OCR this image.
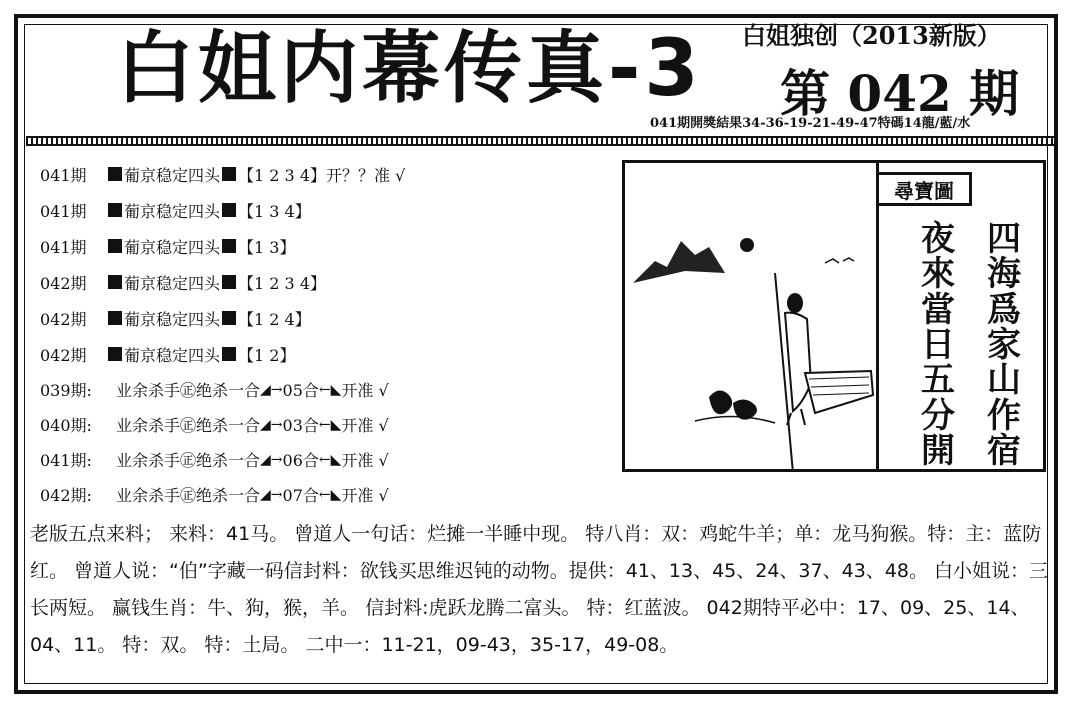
白姐内幕传真-3 白姐独创（2013新版）
第 042 期
041期開獎結果34-36-19-21-49-47特碼14龍/藍/水
041期	葡京稳定四头 【1 2 3 4】开？？准 √
041期	葡京稳定四头 【1 3 4】
041期	葡京稳定四头 【1 3】
042期	葡京稳定四头 【1 2 3 4】
042期	葡京稳定四头 【1 2 4】
042期	葡京稳定四头 【1 2】
039期:	业余杀手㊣绝杀一合 ◢→ 05合 ←◣ 开准 √
040期:	业余杀手㊣绝杀一合 ◢→ 03合 ←◣ 开准 √
041期:	业余杀手㊣绝杀一合 ◢→ 06合 ←◣ 开准 √
042期:	业余杀手㊣绝杀一合 ◢→ 07合 ←◣ 开准 √
尋寶圖
四海爲家山作宿
夜來當日五分開
老版五点来料； 来料：41马。 曾道人一句话：烂摊一半睡中现。 特八肖：双：鸡蛇牛羊；单：龙马狗猴。特：主：蓝防红。 曾道人说：“伯”字藏一码信封料：欲钱买思维迟钝的动物。提供：41、13、45、24、37、43、48。 白小姐说：三长两短。 赢钱生肖：牛、狗，猴，羊。 信封料:虎跃龙腾二富头。 特：红蓝波。 042期特平必中：17、09、25、14、04、11。 特：双。 特：土局。 二中一：11-21，09-43，35-17，49-08。
